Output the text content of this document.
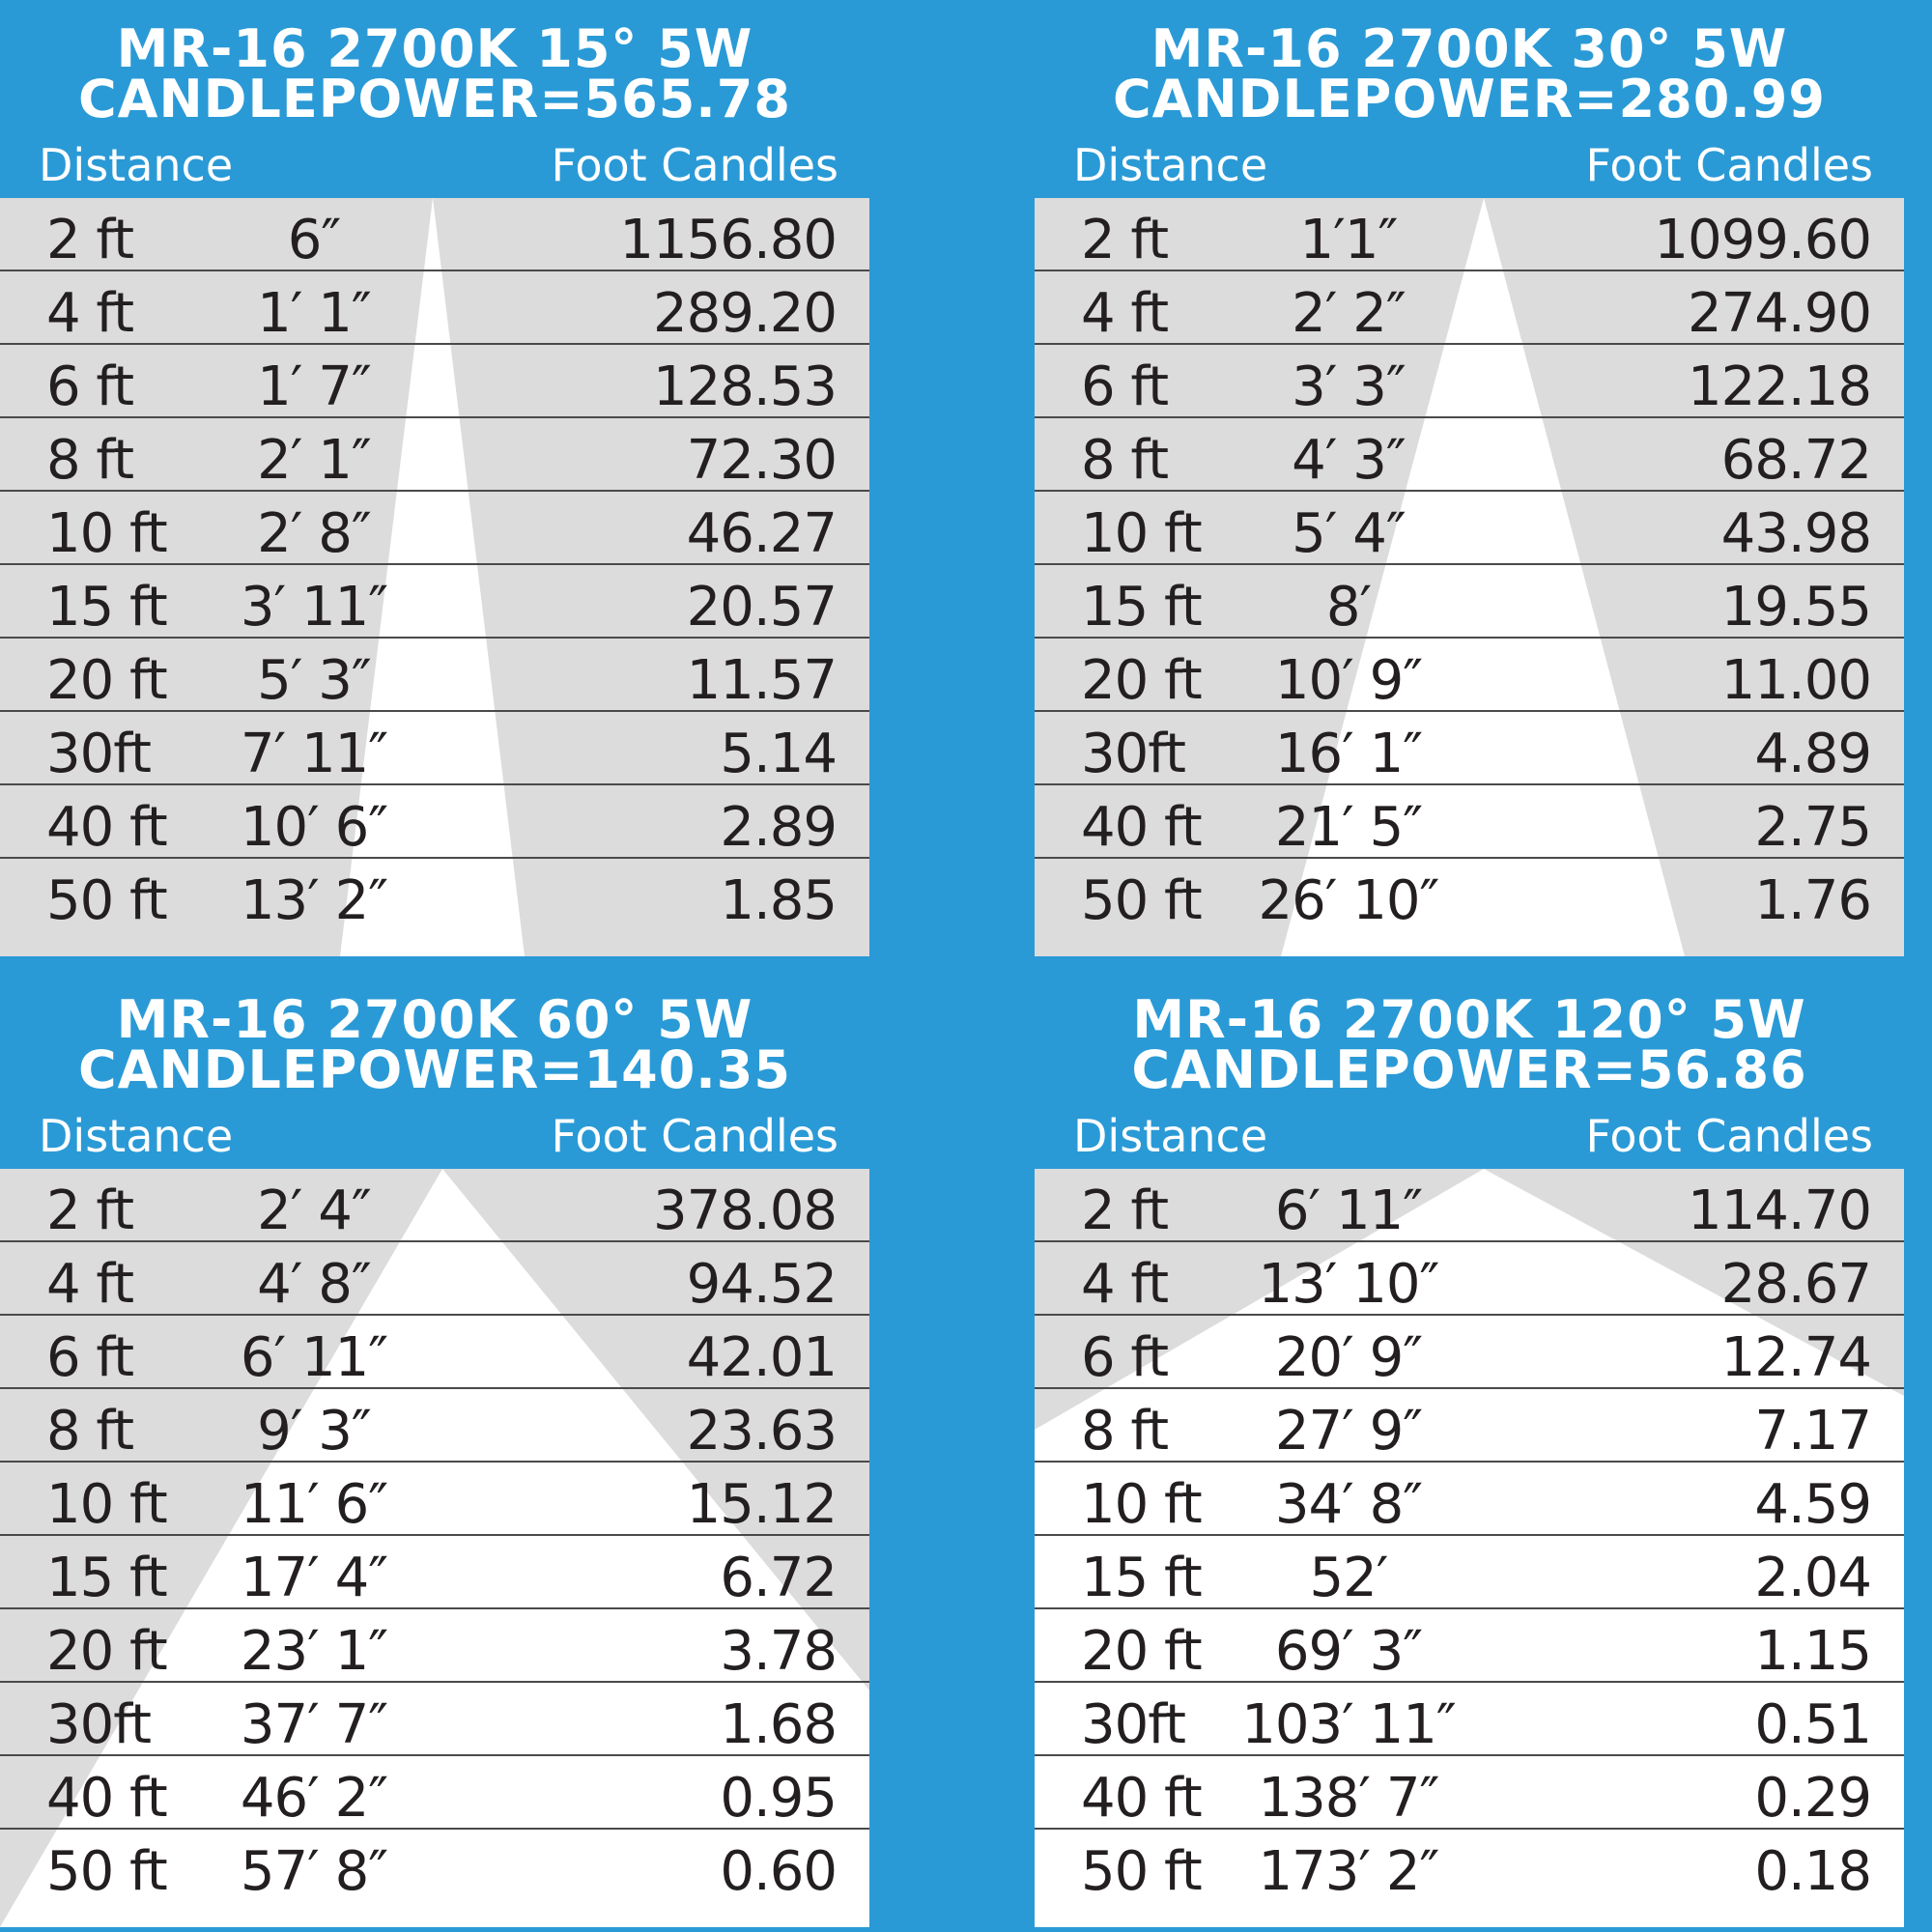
MR-16 2700K 15° 5W
CANDLEPOWER=565.78
Distance	Foot Candles
2 ft	6″	1156.80
4 ft	1′ 1″	289.20
6 ft	1′ 7″	128.53
8 ft	2′ 1″	72.30
10 ft	2′ 8″	46.27
15 ft	3′ 11″	20.57
20 ft	5′ 3″	11.57
30ft	7′ 11″	5.14
40 ft	10′ 6″	2.89
50 ft	13′ 2″	1.85
MR-16 2700K 30° 5W
CANDLEPOWER=280.99
Distance	Foot Candles
2 ft	1′1″	1099.60
4 ft	2′ 2″	274.90
6 ft	3′ 3″	122.18
8 ft	4′ 3″	68.72
10 ft	5′ 4″	43.98
15 ft	8′	19.55
20 ft	10′ 9″	11.00
30ft	16′ 1″	4.89
40 ft	21′ 5″	2.75
50 ft	26′ 10″	1.76
MR-16 2700K 60° 5W
CANDLEPOWER=140.35
Distance	Foot Candles
2 ft	2′ 4″	378.08
4 ft	4′ 8″	94.52
6 ft	6′ 11″	42.01
8 ft	9′ 3″	23.63
10 ft	11′ 6″	15.12
15 ft	17′ 4″	6.72
20 ft	23′ 1″	3.78
30ft	37′ 7″	1.68
40 ft	46′ 2″	0.95
50 ft	57′ 8″	0.60
MR-16 2700K 120° 5W
CANDLEPOWER=56.86
Distance	Foot Candles
2 ft	6′ 11″	114.70
4 ft	13′ 10″	28.67
6 ft	20′ 9″	12.74
8 ft	27′ 9″	7.17
10 ft	34′ 8″	4.59
15 ft	52′	2.04
20 ft	69′ 3″	1.15
30ft	103′ 11″	0.51
40 ft	138′ 7″	0.29
50 ft	173′ 2″	0.18
